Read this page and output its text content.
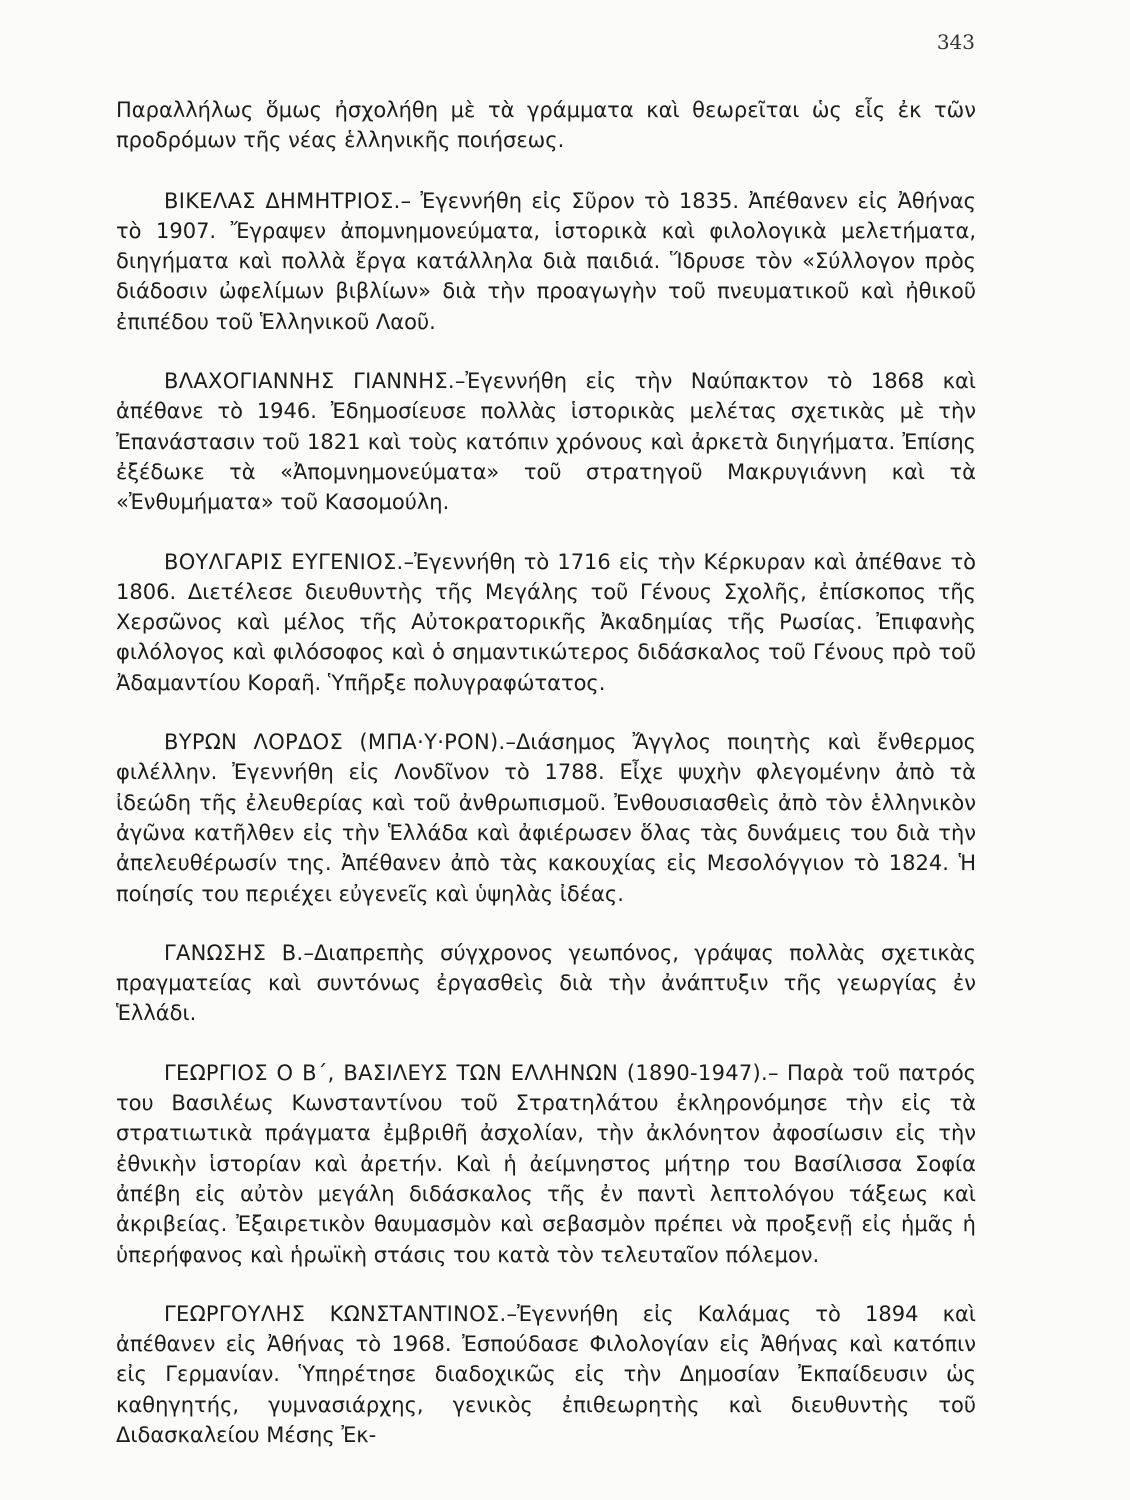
343

Παραλλήλως ὅμως ἠσχολήθη μὲ τὰ γράμματα καὶ θεωρεῖται ὡς εἷς ἐκ τῶν προδρόμων τῆς νέας ἑλληνικῆς ποιήσεως.

ΒΙΚΕΛΑΣ ΔΗΜΗΤΡΙΟΣ.– Ἐγεννήθη εἰς Σῦρον τὸ 1835. Ἀπέθανεν εἰς Ἀθήνας τὸ 1907. Ἔγραψεν ἀπομνημονεύματα, ἱστορικὰ καὶ φιλολογικὰ μελετήματα, διηγήματα καὶ πολλὰ ἔργα κατάλληλα διὰ παιδιά. Ἵδρυσε τὸν «Σύλλογον πρὸς διάδοσιν ὠφελίμων βιβλίων» διὰ τὴν προαγωγὴν τοῦ πνευματικοῦ καὶ ἠθικοῦ ἐπιπέδου τοῦ Ἑλληνικοῦ Λαοῦ.

ΒΛΑΧΟΓΙΑΝΝΗΣ ΓΙΑΝΝΗΣ.–Ἐγεννήθη εἰς τὴν Ναύπακτον τὸ 1868 καὶ ἀπέθανε τὸ 1946. Ἐδημοσίευσε πολλὰς ἱστορικὰς μελέτας σχετικὰς μὲ τὴν Ἐπανάστασιν τοῦ 1821 καὶ τοὺς κατόπιν χρόνους καὶ ἀρκετὰ διηγήματα. Ἐπίσης ἐξέδωκε τὰ «Ἀπομνημονεύματα» τοῦ στρατηγοῦ Μακρυγιάννη καὶ τὰ «Ἐνθυμήματα» τοῦ Κασομούλη.

ΒΟΥΛΓΑΡΙΣ ΕΥΓΕΝΙΟΣ.–Ἐγεννήθη τὸ 1716 εἰς τὴν Κέρκυραν καὶ ἀπέθανε τὸ 1806. Διετέλεσε διευθυντὴς τῆς Μεγάλης τοῦ Γένους Σχολῆς, ἐπίσκοπος τῆς Χερσῶνος καὶ μέλος τῆς Αὐτοκρατορικῆς Ἀκαδημίας τῆς Ρωσίας. Ἐπιφανὴς φιλόλογος καὶ φιλόσοφος καὶ ὁ σημαντικώτερος διδάσκαλος τοῦ Γένους πρὸ τοῦ Ἀδαμαντίου Κοραῆ. Ὑπῆρξε πολυγραφώτατος.

ΒΥΡΩΝ ΛΟΡΔΟΣ (ΜΠΑ·Υ·ΡΟΝ).–Διάσημος Ἄγγλος ποιητὴς καὶ ἔνθερμος φιλέλλην. Ἐγεννήθη εἰς Λονδῖνον τὸ 1788. Εἶχε ψυχὴν φλεγομένην ἀπὸ τὰ ἰδεώδη τῆς ἐλευθερίας καὶ τοῦ ἀνθρωπισμοῦ. Ἐνθουσιασθεὶς ἀπὸ τὸν ἑλληνικὸν ἀγῶνα κατῆλθεν εἰς τὴν Ἑλλάδα καὶ ἀφιέρωσεν ὅλας τὰς δυνάμεις του διὰ τὴν ἀπελευθέρωσίν της. Ἀπέθανεν ἀπὸ τὰς κακουχίας εἰς Μεσολόγγιον τὸ 1824. Ἡ ποίησίς του περιέχει εὐγενεῖς καὶ ὑψηλὰς ἰδέας.

ΓΑΝΩΣΗΣ Β.–Διαπρεπὴς σύγχρονος γεωπόνος, γράψας πολλὰς σχετικὰς πραγματείας καὶ συντόνως ἐργασθεὶς διὰ τὴν ἀνάπτυξιν τῆς γεωργίας ἐν Ἑλλάδι.

ΓΕΩΡΓΙΟΣ Ο Β΄, ΒΑΣΙΛΕΥΣ ΤΩΝ ΕΛΛΗΝΩΝ (1890-1947).– Παρὰ τοῦ πατρός του Βασιλέως Κωνσταντίνου τοῦ Στρατηλάτου ἐκληρονόμησε τὴν εἰς τὰ στρατιωτικὰ πράγματα ἐμβριθῆ ἀσχολίαν, τὴν ἀκλόνητον ἀφοσίωσιν εἰς τὴν ἐθνικὴν ἱστορίαν καὶ ἀρετήν. Καὶ ἡ ἀείμνηστος μήτηρ του Βασίλισσα Σοφία ἀπέβη εἰς αὐτὸν μεγάλη διδάσκαλος τῆς ἐν παντὶ λεπτολόγου τάξεως καὶ ἀκριβείας. Ἐξαιρετικὸν θαυμασμὸν καὶ σεβασμὸν πρέπει νὰ προξενῇ εἰς ἡμᾶς ἡ ὑπερήφανος καὶ ἡρωϊκὴ στάσις του κατὰ τὸν τελευταῖον πόλεμον.

ΓΕΩΡΓΟΥΛΗΣ ΚΩΝΣΤΑΝΤΙΝΟΣ.–Ἐγεννήθη εἰς Καλάμας τὸ 1894 καὶ ἀπέθανεν εἰς Ἀθήνας τὸ 1968. Ἐσπούδασε Φιλολογίαν εἰς Ἀθήνας καὶ κατόπιν εἰς Γερμανίαν. Ὑπηρέτησε διαδοχικῶς εἰς τὴν Δημοσίαν Ἐκπαίδευσιν ὡς καθηγητής, γυμνασιάρχης, γενικὸς ἐπιθεωρητὴς καὶ διευθυντὴς τοῦ Διδασκαλείου Μέσης Ἐκ-
